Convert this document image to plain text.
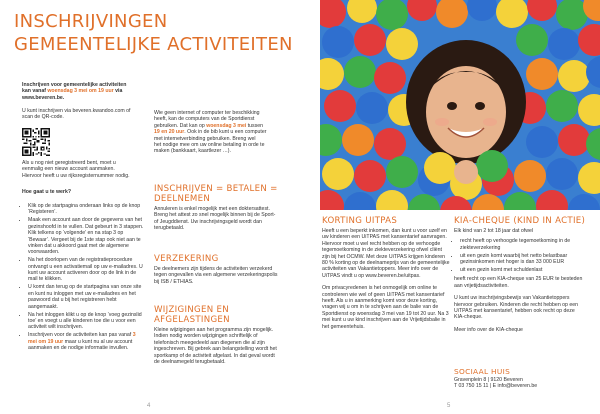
INSCHRIJVINGEN
GEMEENTELIJKE ACTIVITEITEN

Inschrijven voor gemeentelijke activiteiten

kan vanaf woensdag 3 mei om 19 uur via

www.beveren.be.

U kunt inschrijven via beveren.kwandoo.com of

scan de QR-code.

Als u nog niet geregistreerd bent, moet u

eenmalig een nieuw account aanmaken.

Hiervoor heeft u uw rijksregisternummer nodig.

Hoe gaat u te werk?
• Klik op de startpagina onderaan links op de knop ‘Registeren’.
• Maak een account aan door de gegevens van het gezinshoofd in te vullen. Dat gebeurt in 3 stappen. Klik telkens op ‘volgende’ en na stap 3 op ‘Bewaar’. Vergeet bij de 1ste stap ook niet aan te vinken dat u akkoord gaat met de algemene voorwaarden.
• Na het doorlopen van de registratieprocedure ontvangt u een activatiemail op uw e-mailadres. U kunt uw account activeren door op de link in de mail te klikken.
• U komt dan terug op de startpagina van onze site en kunt nu inloggen met uw e-mailadres en het paswoord dat u bij het registreren hebt aangemaakt.
• Na het inloggen klikt u op de knop ‘voeg gezinslid toe’ en voegt u alle kinderen toe die u voor een activiteit wilt inschrijven.
• Inschrijven voor de activiteiten kan pas vanaf 3 mei om 19 uur maar u kunt nu al uw account aanmaken en de nodige informatie invullen.

Wie geen internet of computer ter beschikking

heeft, kan de computers van de Sportdienst

gebruiken. Dat kan op woensdag 3 mei tussen

19 en 20 uur. Ook in de bib kunt u een computer

met internetverbinding gebruiken. Breng wel

het nodige mee om uw online betaling in orde te

maken (bankkaart, kaartlezer …).

INSCHRIJVEN = BETALEN =
DEELNEMEN
Annuleren is enkel mogelijk met een doktersattest. Breng het attest zo snel mogelijk binnen bij de Sport- of Jeugddienst. Uw inschrijvingsgeld wordt dan terugbetaald.
VERZEKERING
De deelnemers zijn tijdens de activiteiten verzekerd tegen ongevallen via een algemene verzekeringspolis bij ISB / ETHIAS.
WIJZIGINGEN EN
AFGELASTINGEN
Kleine wijzigingen aan het programma zijn mogelijk. Indien nodig worden wijzigingen schriftelijk of telefonisch meegedeeld aan diegenen die al zijn ingeschreven. Bij gebrek aan belangstelling wordt het sportkamp of de activiteit afgelast. In dat geval wordt de deelnamegeld terugbetaald.
4
KORTING UITPAS

Heeft u een beperkt inkomen, dan kunt u voor uzelf en uw kinderen een UiTPAS met kansentarief aanvragen. Hiervoor moet u wel recht hebben op de verhoogde tegemoetkoming in de ziekteverzekering ofwel cliënt zijn bij het OCMW. Met deze UiTPAS krijgen kinderen 80 % korting op de deelnameprijs van de gemeentelijke activiteiten van Vakantietoppers. Meer info over de UiTPAS vindt u op www.beveren.be/uitpas.

Om privacyredenen is het onmogelijk om online te controleren wie wel of geen UiTPAS met kansentarief heeft. Als u in aanmerking komt voor deze korting, vragen wij u om in te schrijven aan de balie van de Sportdienst op woensdag 3 mei van 19 tot 20 uur. Na 3 mei kunt u uw kind inschrijven aan de Vrijetijdsbalie in het gemeentehuis.

KIA-CHEQUE (KIND IN ACTIE)

Elk kind van 2 tot 18 jaar dat ofwel

• recht heeft op verhoogde tegemoetkoming in de ziekteverzekering
• uit een gezin komt waarbij het netto belastbaar gezinsinkomen niet hoger is dan 33 000 EUR
• uit een gezin komt met schuldenlast

heeft recht op een KIA-cheque van 25 EUR te besteden aan vrijetijdsactiviteiten.

U kunt uw inschrijvingsbewijs van Vakantietoppers hiervoor gebruiken. Kinderen die recht hebben op een UiTPAS met kansentarief, hebben ook recht op deze KIA-cheque.

Meer info over de KIA-cheque

SOCIAAL HUIS

Gravenplein 8 | 9120 Beveren

T 03 750 15 11 | E info@beveren.be

5
